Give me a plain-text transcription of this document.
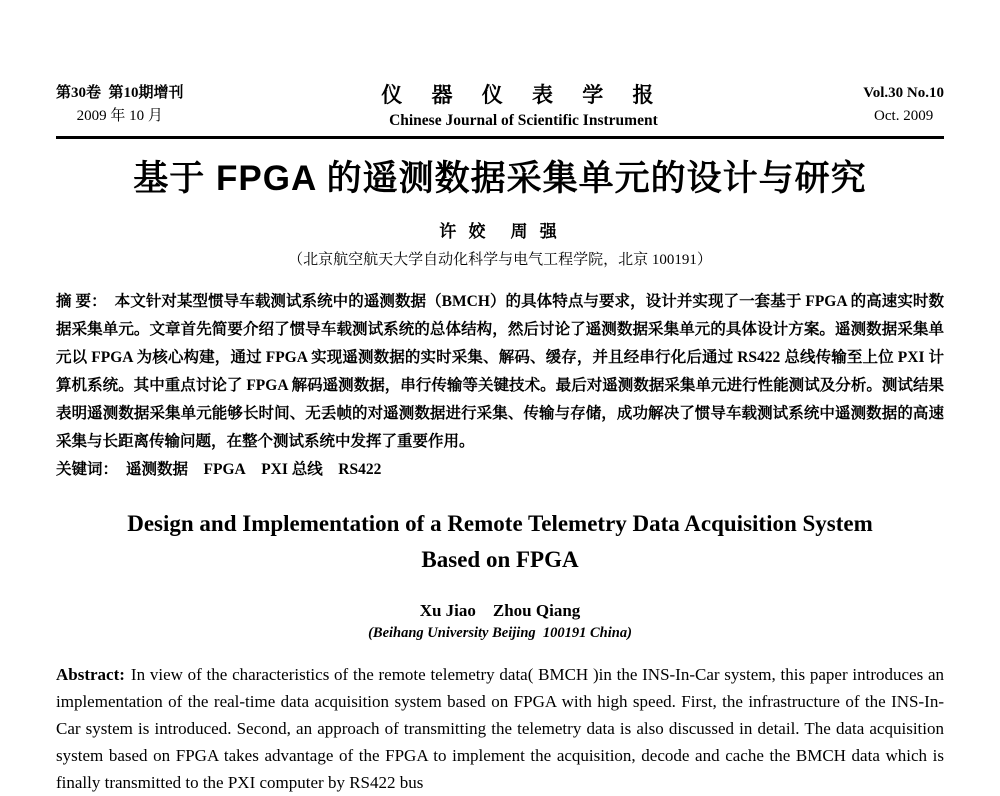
第30卷 第10期增刊
2009 年 10 月
仪 器 仪 表 学 报
Chinese Journal of Scientific Instrument
Vol.30 No.10
Oct. 2009
基于 FPGA 的遥测数据采集单元的设计与研究
许 姣 周 强
（北京航空航天大学自动化科学与电气工程学院，北京 100191）

摘 要： 本文针对某型惯导车载测试系统中的遥测数据（BMCH）的具体特点与要求，设计并实现了一套基于 FPGA 的高速实时数据采集单元。文章首先简要介绍了惯导车载测试系统的总体结构，然后讨论了遥测数据采集单元的具体设计方案。遥测数据采集单元以 FPGA 为核心构建，通过 FPGA 实现遥测数据的实时采集、解码、缓存，并且经串行化后通过 RS422 总线传输至上位 PXI 计算机系统。其中重点讨论了 FPGA 解码遥测数据，串行传输等关键技术。最后对遥测数据采集单元进行性能测试及分析。测试结果表明遥测数据采集单元能够长时间、无丢帧的对遥测数据进行采集、传输与存储，成功解决了惯导车载测试系统中遥测数据的高速采集与长距离传输问题，在整个测试系统中发挥了重要作用。

关键词： 遥测数据 FPGA PXI 总线 RS422

Design and Implementation of a Remote Telemetry Data Acquisition System
Based on FPGA
Xu Jiao Zhou Qiang
(Beihang University Beijing 100191 China)

Abstract: In view of the characteristics of the remote telemetry data( BMCH )in the INS-In-Car system, this paper introduces an implementation of the real-time data acquisition system based on FPGA with high speed. First, the infrastructure of the INS-In-Car system is introduced. Second, an approach of transmitting the telemetry data is also discussed in detail. The data acquisition system based on FPGA takes advantage of the FPGA to implement the acquisition, decode and cache the BMCH data which is finally transmitted to the PXI computer by RS422 bus
